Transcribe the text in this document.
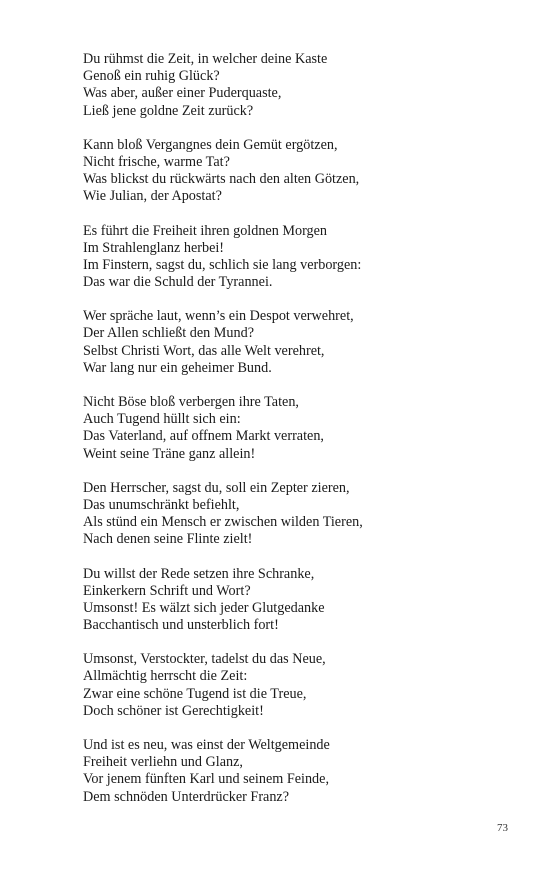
Du rühmst die Zeit, in welcher deine Kaste
Genoß ein ruhig Glück?
Was aber, außer einer Puderquaste,
Ließ jene goldne Zeit zurück?
Kann bloß Vergangnes dein Gemüt ergötzen,
Nicht frische, warme Tat?
Was blickst du rückwärts nach den alten Götzen,
Wie Julian, der Apostat?
Es führt die Freiheit ihren goldnen Morgen
Im Strahlenglanz herbei!
Im Finstern, sagst du, schlich sie lang verborgen:
Das war die Schuld der Tyrannei.
Wer spräche laut, wenn’s ein Despot verwehret,
Der Allen schließt den Mund?
Selbst Christi Wort, das alle Welt verehret,
War lang nur ein geheimer Bund.
Nicht Böse bloß verbergen ihre Taten,
Auch Tugend hüllt sich ein:
Das Vaterland, auf offnem Markt verraten,
Weint seine Träne ganz allein!
Den Herrscher, sagst du, soll ein Zepter zieren,
Das unumschränkt befiehlt,
Als stünd ein Mensch er zwischen wilden Tieren,
Nach denen seine Flinte zielt!
Du willst der Rede setzen ihre Schranke,
Einkerkern Schrift und Wort?
Umsonst! Es wälzt sich jeder Glutgedanke
Bacchantisch und unsterblich fort!
Umsonst, Verstockter, tadelst du das Neue,
Allmächtig herrscht die Zeit:
Zwar eine schöne Tugend ist die Treue,
Doch schöner ist Gerechtigkeit!
Und ist es neu, was einst der Weltgemeinde
Freiheit verliehn und Glanz,
Vor jenem fünften Karl und seinem Feinde,
Dem schnöden Unterdrücker Franz?
73
